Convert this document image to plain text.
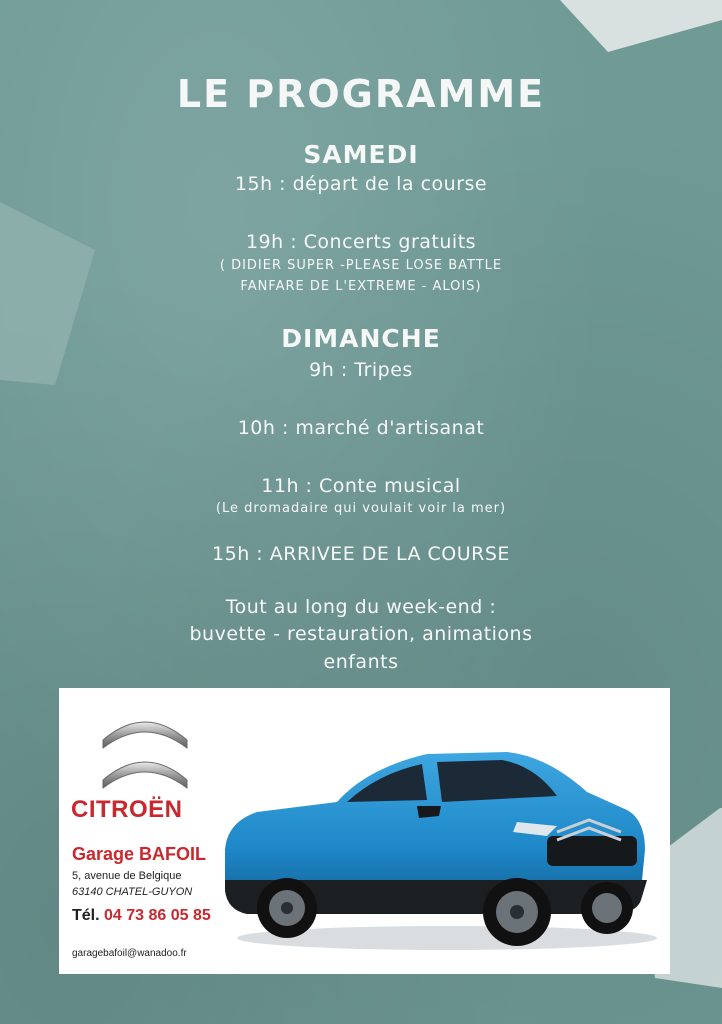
LE PROGRAMME
SAMEDI
15h : départ de la course
19h : Concerts gratuits
( DIDIER SUPER -PLEASE LOSE BATTLE
FANFARE DE L'EXTREME - ALOIS)
DIMANCHE
9h : Tripes
10h : marché d'artisanat
11h : Conte musical
(Le dromadaire qui voulait voir la mer)
15h : ARRIVEE DE LA COURSE
Tout au long du week-end :
buvette - restauration, animations
enfants
CITROËN
Garage BAFOIL
5, avenue de Belgique
63140 CHATEL-GUYON
Tél. 04 73 86 05 85
garagebafoil@wanadoo.fr
